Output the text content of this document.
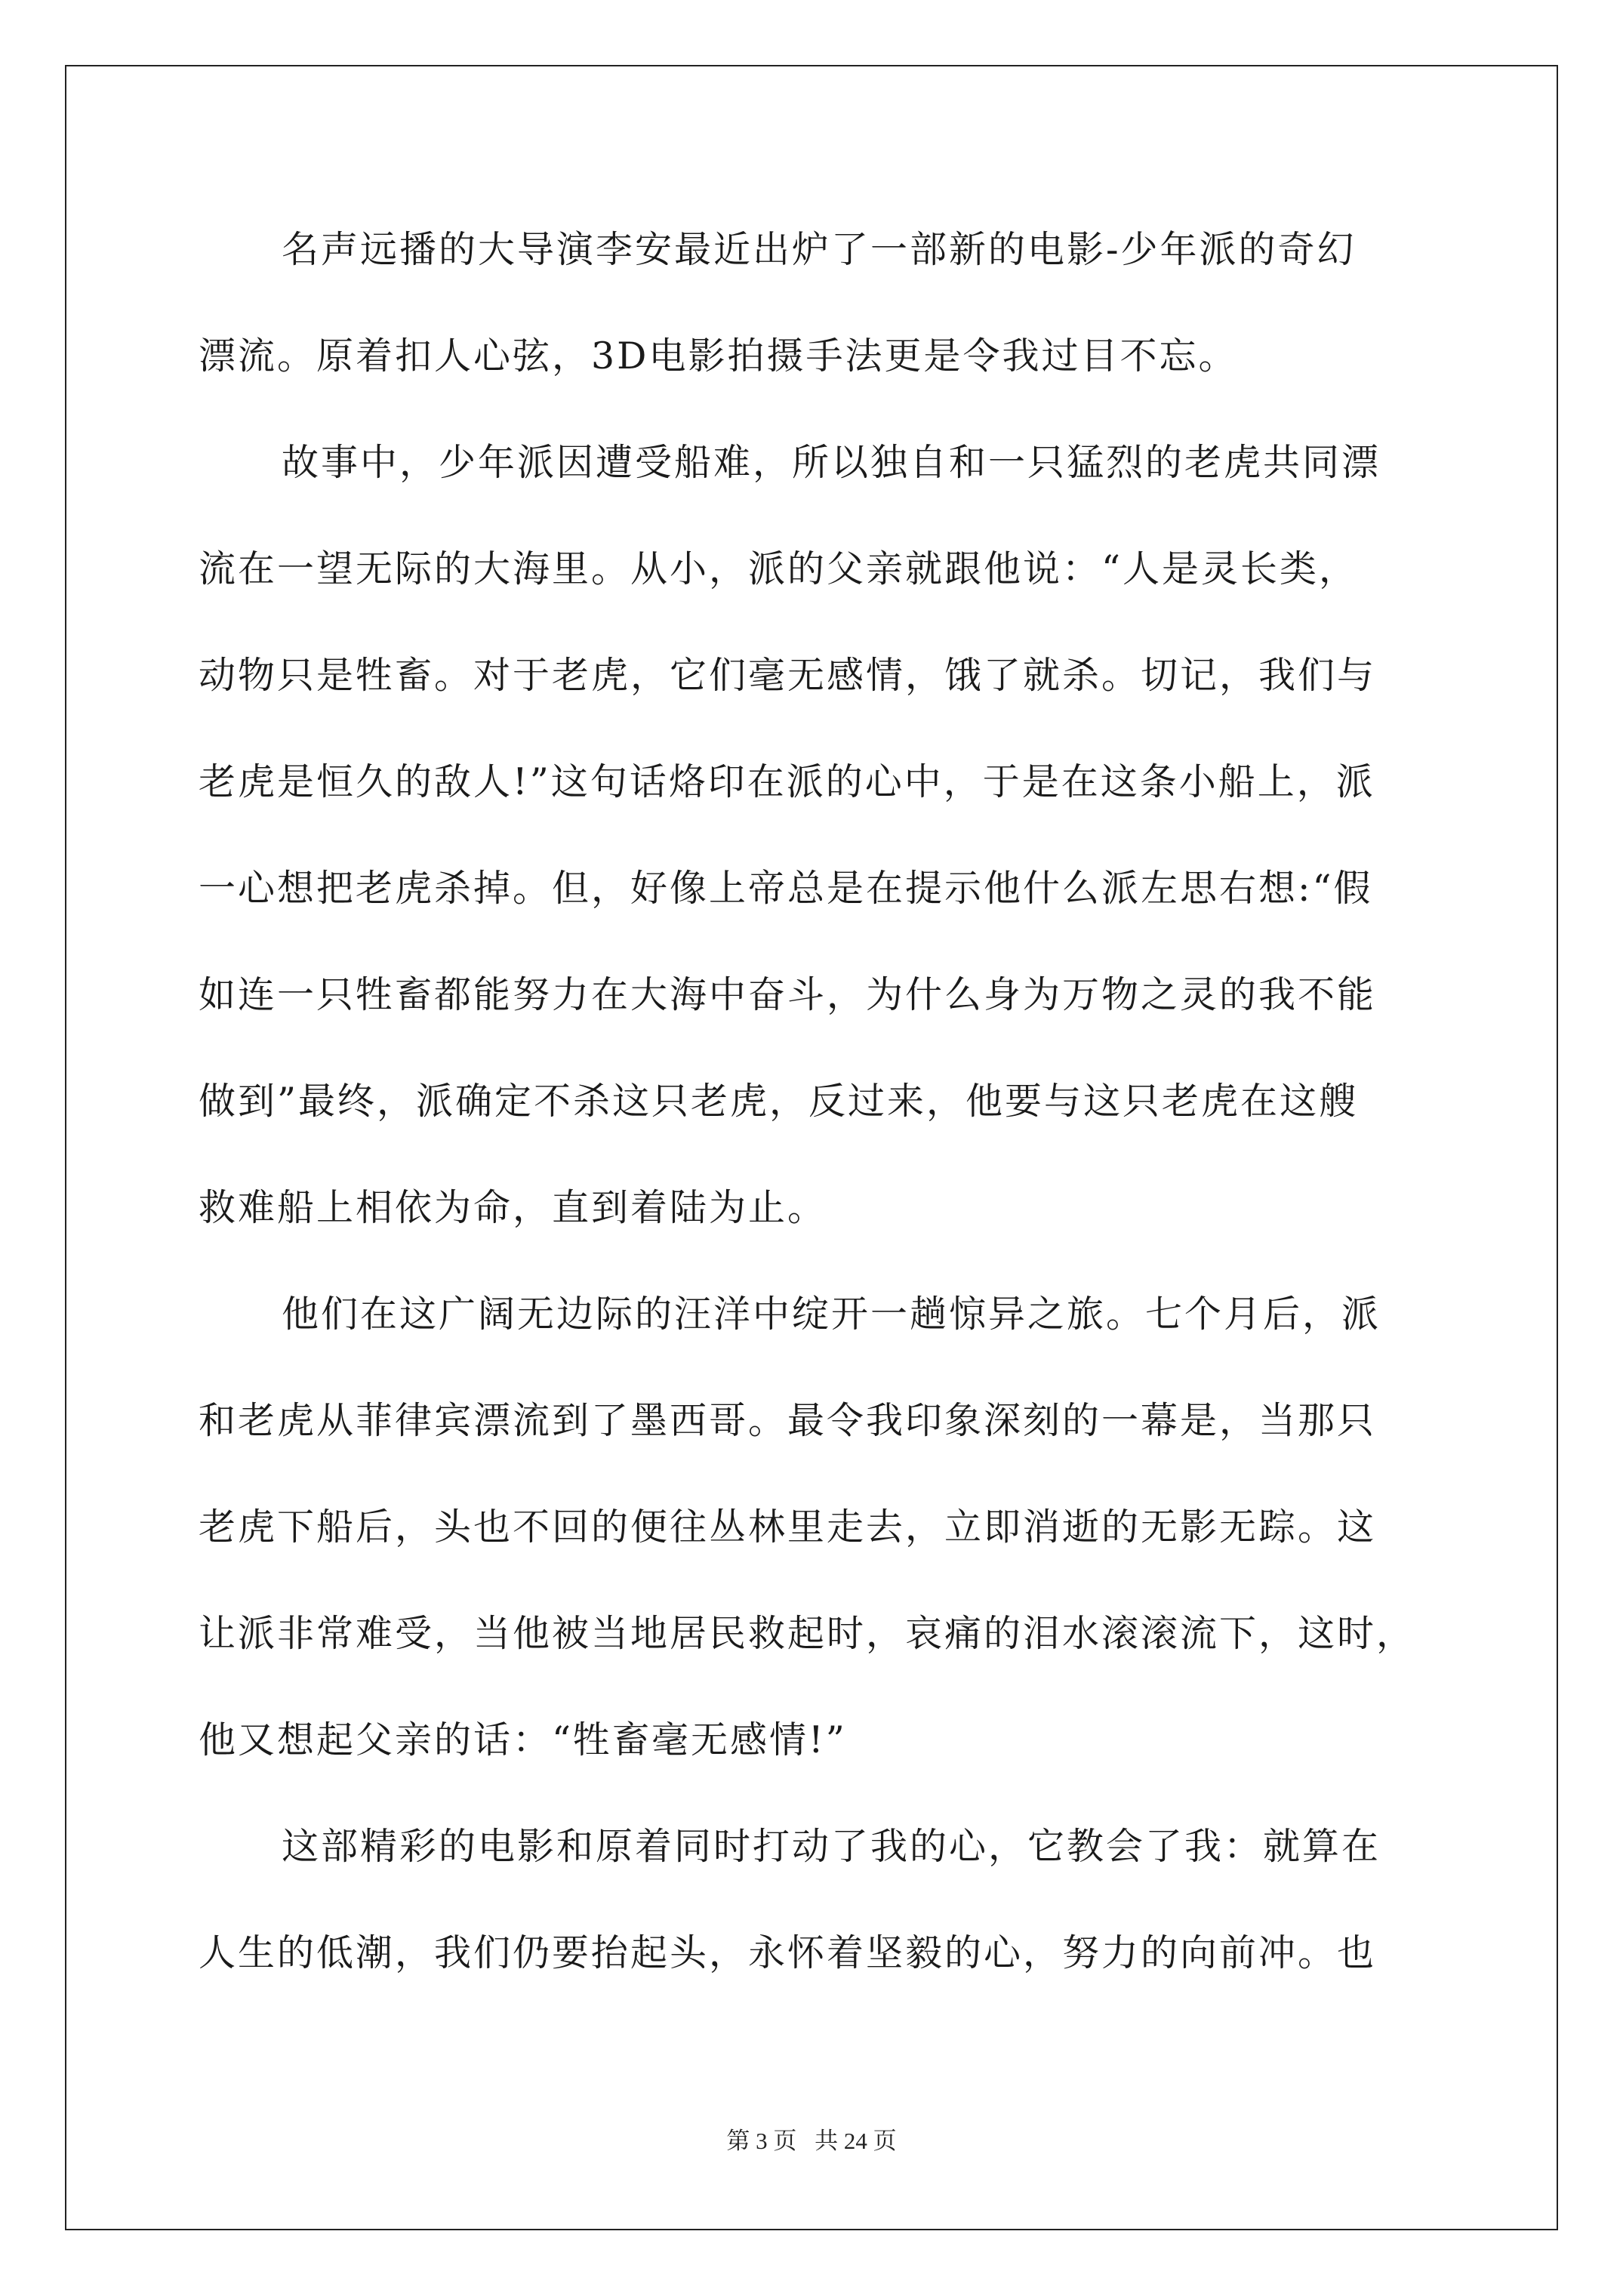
名声远播的大导演李安最近出炉了一部新的电影-少年派的奇幻
漂流。原着扣人心弦，3D电影拍摄手法更是令我过目不忘。
故事中，少年派因遭受船难，所以独自和一只猛烈的老虎共同漂
流在一望无际的大海里。从小，派的父亲就跟他说：“人是灵长类，
动物只是牲畜。对于老虎，它们毫无感情，饿了就杀。切记，我们与
老虎是恒久的敌人!”这句话烙印在派的心中，于是在这条小船上，派
一心想把老虎杀掉。但，好像上帝总是在提示他什么派左思右想:“假
如连一只牲畜都能努力在大海中奋斗，为什么身为万物之灵的我不能
做到”最终，派确定不杀这只老虎，反过来，他要与这只老虎在这艘
救难船上相依为命，直到着陆为止。
他们在这广阔无边际的汪洋中绽开一趟惊异之旅。七个月后，派
和老虎从菲律宾漂流到了墨西哥。最令我印象深刻的一幕是，当那只
老虎下船后，头也不回的便往丛林里走去，立即消逝的无影无踪。这
让派非常难受，当他被当地居民救起时，哀痛的泪水滚滚流下，这时，
他又想起父亲的话：“牲畜毫无感情!”
这部精彩的电影和原着同时打动了我的心，它教会了我：就算在
人生的低潮，我们仍要抬起头，永怀着坚毅的心，努力的向前冲。也
第 3 页 共 24 页
